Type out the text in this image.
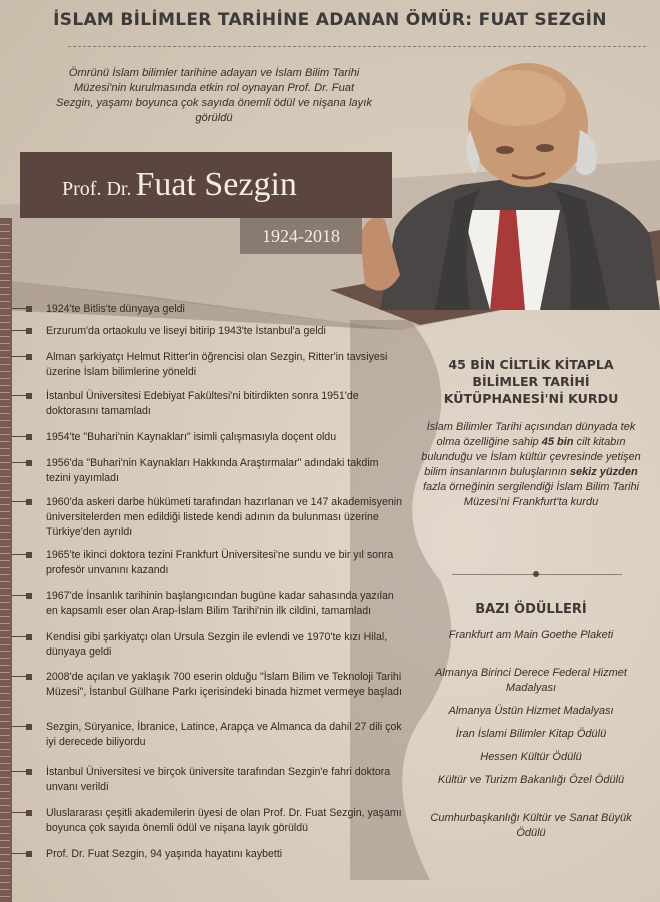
İSLAM BİLİMLER TARİHİNE ADANAN ÖMÜR: FUAT SEZGİN
Ömrünü İslam bilimler tarihine adayan ve İslam Bilim Tarihi Müzesi'nin kurulmasında etkin rol oynayan Prof. Dr. Fuat Sezgin, yaşamı boyunca çok sayıda önemli ödül ve nişana layık görüldü
Prof. Dr. Fuat Sezgin
1924-2018
1924'te Bitlis'te dünyaya geldi
Erzurum'da ortaokulu ve liseyi bitirip 1943'te İstanbul'a geldi
Alman şarkiyatçı Helmut Ritter'in öğrencisi olan Sezgin, Ritter'in tavsiyesi üzerine İslam bilimlerine yöneldi
İstanbul Üniversitesi Edebiyat Fakültesi'ni bitirdikten sonra 1951'de doktorasını tamamladı
1954'te "Buhari'nin Kaynakları" isimli çalışmasıyla doçent oldu
1956'da "Buhari'nin Kaynakları Hakkında Araştırmalar" adındaki takdim tezini yayımladı
1960'da askeri darbe hükümeti tarafından hazırlanan ve 147 akademisyenin üniversitelerden men edildiği listede kendi adının da bulunması üzerine Türkiye'den ayrıldı
1965'te ikinci doktora tezini Frankfurt Üniversitesi'ne sundu ve bir yıl sonra profesör unvanını kazandı
1967'de İnsanlık tarihinin başlangıcından bugüne kadar sahasında yazılan en kapsamlı eser olan Arap-İslam Bilim Tarihi'nin ilk cildini, tamamladı
Kendisi gibi şarkiyatçı olan Ursula Sezgin ile evlendi ve 1970'te kızı Hilal, dünyaya geldi
2008'de açılan ve yaklaşık 700 eserin olduğu "İslam Bilim ve Teknoloji Tarihi Müzesi", İstanbul Gülhane Parkı içerisindeki binada hizmet vermeye başladı
Sezgin, Süryanice, İbranice, Latince, Arapça ve Almanca da dahil 27 dili çok iyi derecede biliyordu
İstanbul Üniversitesi ve birçok üniversite tarafından Sezgin'e fahri doktora unvanı verildi
Uluslararası çeşitli akademilerin üyesi de olan Prof. Dr. Fuat Sezgin, yaşamı boyunca çok sayıda önemli ödül ve nişana layık görüldü
Prof. Dr. Fuat Sezgin, 94 yaşında hayatını kaybetti
45 BİN CİLTLİK KİTAPLA BİLİMLER TARİHİ KÜTÜPHANESİ'Nİ KURDU
İslam Bilimler Tarihi açısından dünyada tek olma özelliğine sahip 45 bin cilt kitabın bulunduğu ve İslam kültür çevresinde yetişen bilim insanlarının buluşlarının sekiz yüzden fazla örneğinin sergilendiği İslam Bilim Tarihi Müzesi'ni Frankfurt'ta kurdu
BAZI ÖDÜLLERİ
Frankfurt am Main Goethe Plaketi
Almanya Birinci Derece Federal Hizmet Madalyası
Almanya Üstün Hizmet Madalyası
İran İslami Bilimler Kitap Ödülü
Hessen Kültür Ödülü
Kültür ve Turizm Bakanlığı Özel Ödülü
Cumhurbaşkanlığı Kültür ve Sanat Büyük Ödülü
